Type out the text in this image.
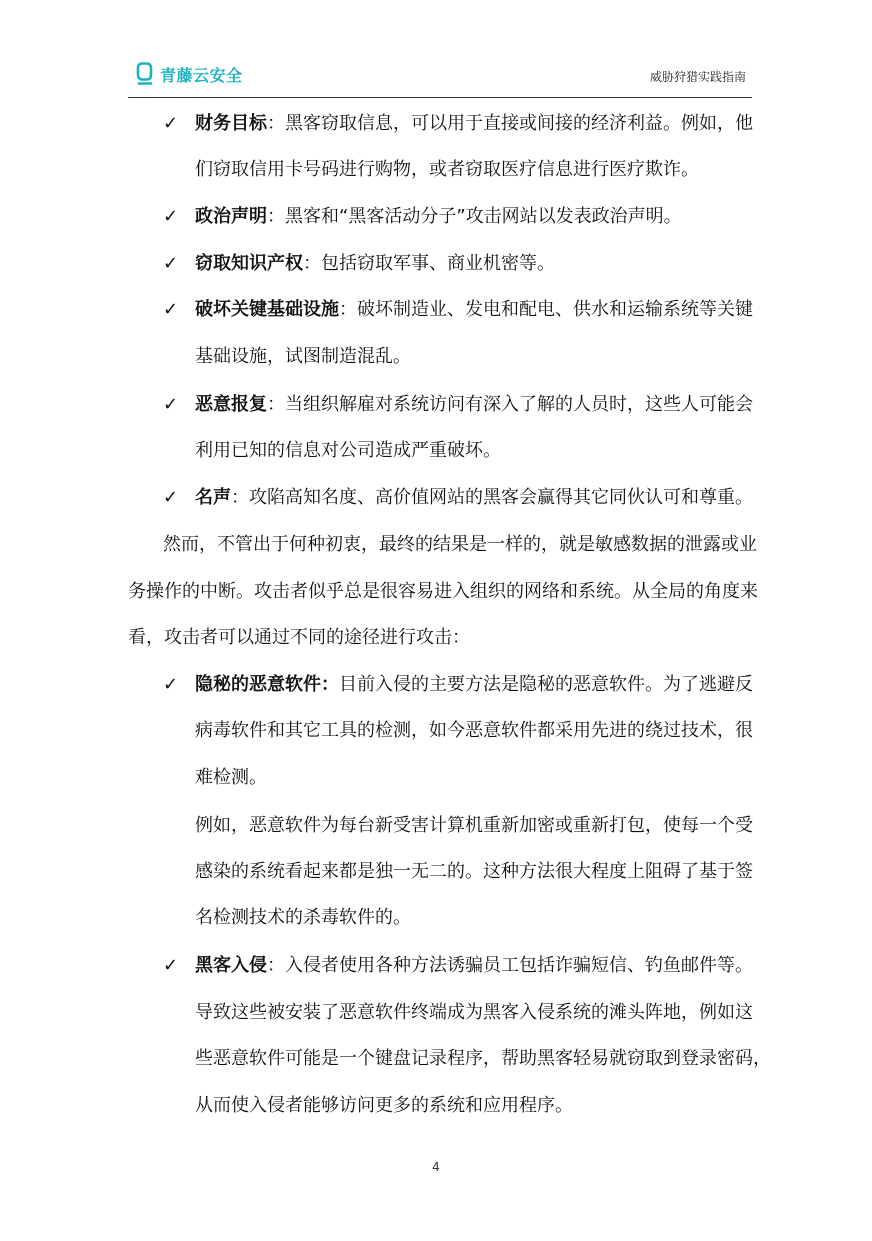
青藤云安全	威胁狩猎实践指南
✓ 财务目标：黑客窃取信息，可以用于直接或间接的经济利益。例如，他
们窃取信用卡号码进行购物，或者窃取医疗信息进行医疗欺诈。
✓ 政治声明：黑客和“黑客活动分子”攻击网站以发表政治声明。
✓ 窃取知识产权：包括窃取军事、商业机密等。
✓ 破坏关键基础设施：破坏制造业、发电和配电、供水和运输系统等关键
基础设施，试图制造混乱。
✓ 恶意报复：当组织解雇对系统访问有深入了解的人员时，这些人可能会
利用已知的信息对公司造成严重破坏。
✓ 名声：攻陷高知名度、高价值网站的黑客会赢得其它同伙认可和尊重。
然而，不管出于何种初衷，最终的结果是一样的，就是敏感数据的泄露或业
务操作的中断。攻击者似乎总是很容易进入组织的网络和系统。从全局的角度来
看，攻击者可以通过不同的途径进行攻击：
✓ 隐秘的恶意软件：目前入侵的主要方法是隐秘的恶意软件。为了逃避反
病毒软件和其它工具的检测，如今恶意软件都采用先进的绕过技术，很
难检测。
例如，恶意软件为每台新受害计算机重新加密或重新打包，使每一个受
感染的系统看起来都是独一无二的。这种方法很大程度上阻碍了基于签
名检测技术的杀毒软件的。
✓ 黑客入侵：入侵者使用各种方法诱骗员工包括诈骗短信、钓鱼邮件等。
导致这些被安装了恶意软件终端成为黑客入侵系统的滩头阵地，例如这
些恶意软件可能是一个键盘记录程序，帮助黑客轻易就窃取到登录密码，
从而使入侵者能够访问更多的系统和应用程序。
4
